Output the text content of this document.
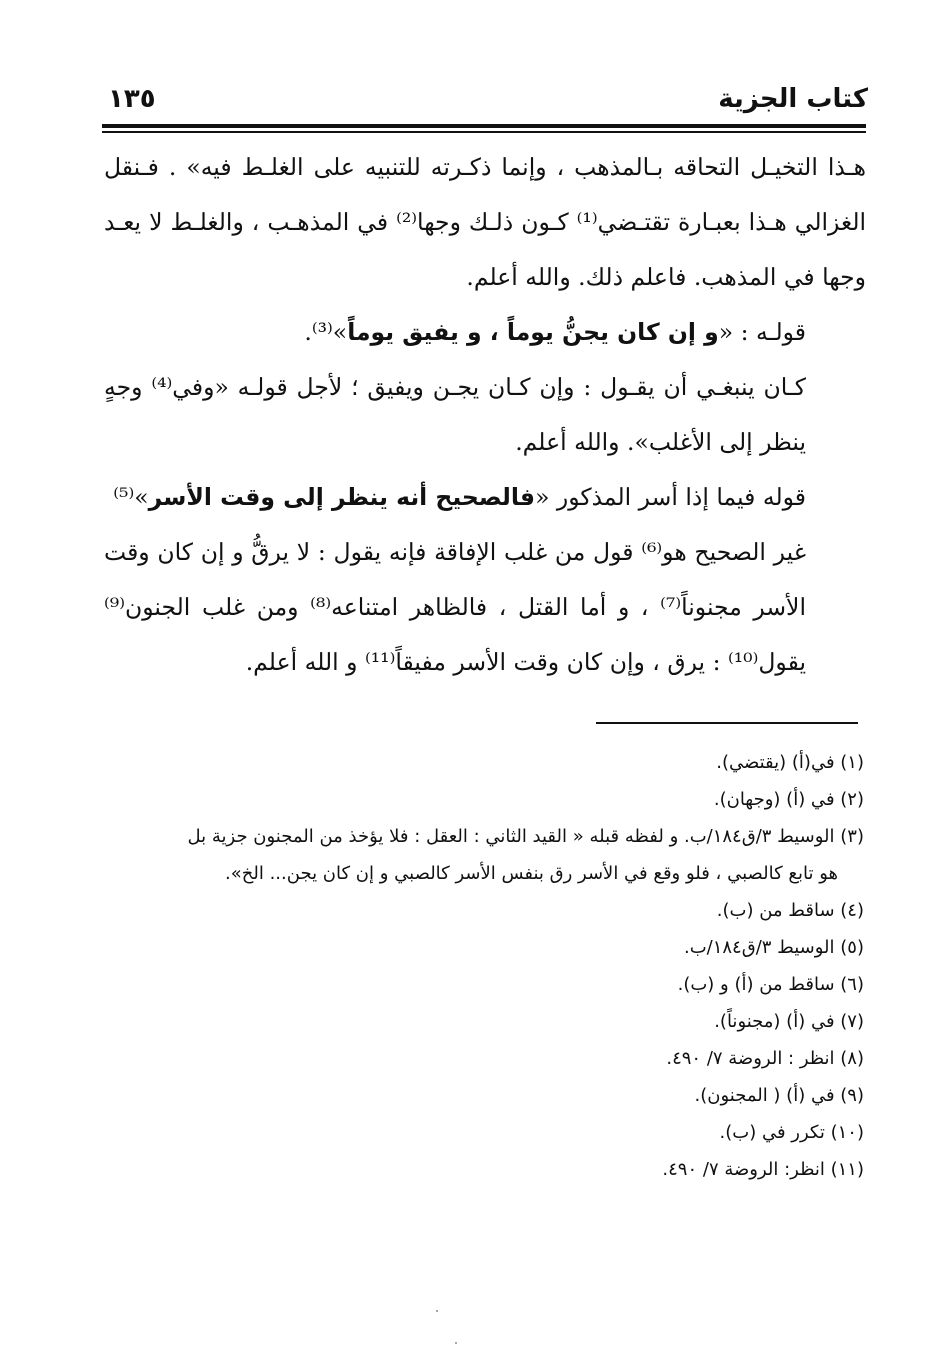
كتاب الجزية
١٣٥

هـذا التخيـل التحاقه بـالمذهب ، وإنما ذكـرته للتنبيه على الغلـط فيه» . فـنقل الغزالي هـذا بعبـارة تقتـضي⁽¹⁾ كـون ذلـك وجها⁽²⁾ في المذهـب ، والغلـط لا يعـد وجها في المذهب. فاعلم ذلك. والله أعلم.

قولـه : «و إن كان يجنُّ يوماً ، و يفيق يوماً»⁽³⁾.

كـان ينبغـي أن يقـول : وإن كـان يجـن ويفيق ؛ لأجل قولـه «وفي⁽⁴⁾ وجهٍ ينظر إلى الأغلب». والله أعلم.

قوله فيما إذا أسر المذكور «فالصحيح أنه ينظر إلى وقت الأسر»⁽⁵⁾

غير الصحيح هو⁽⁶⁾ قول من غلب الإفاقة فإنه يقول : لا يرقُّ و إن كان وقت الأسر مجنوناً⁽⁷⁾ ، و أما القتل ، فالظاهر امتناعه⁽⁸⁾ ومن غلب الجنون⁽⁹⁾ يقول⁽¹⁰⁾ : يرق ، وإن كان وقت الأسر مفيقاً⁽¹¹⁾ و الله أعلم.

(١) في(أ) (يقتضي).

(٢) في (أ) (وجهان).

(٣) الوسيط ٣/ق١٨٤/ب. و لفظه قبله « القيد الثاني : العقل : فلا يؤخذ من المجنون جزية بل

هو تابع كالصبي ، فلو وقع في الأسر رق بنفس الأسر كالصبي و إن كان يجن... الخ».

(٤) ساقط من (ب).

(٥) الوسيط ٣/ق١٨٤/ب.

(٦) ساقط من (أ) و (ب).

(٧) في (أ) (مجنوناً).

(٨) انظر : الروضة ٧/ ٤٩٠.

(٩) في (أ) ( المجنون).

(١٠) تكرر في (ب).

(١١) انظر: الروضة ٧/ ٤٩٠.
